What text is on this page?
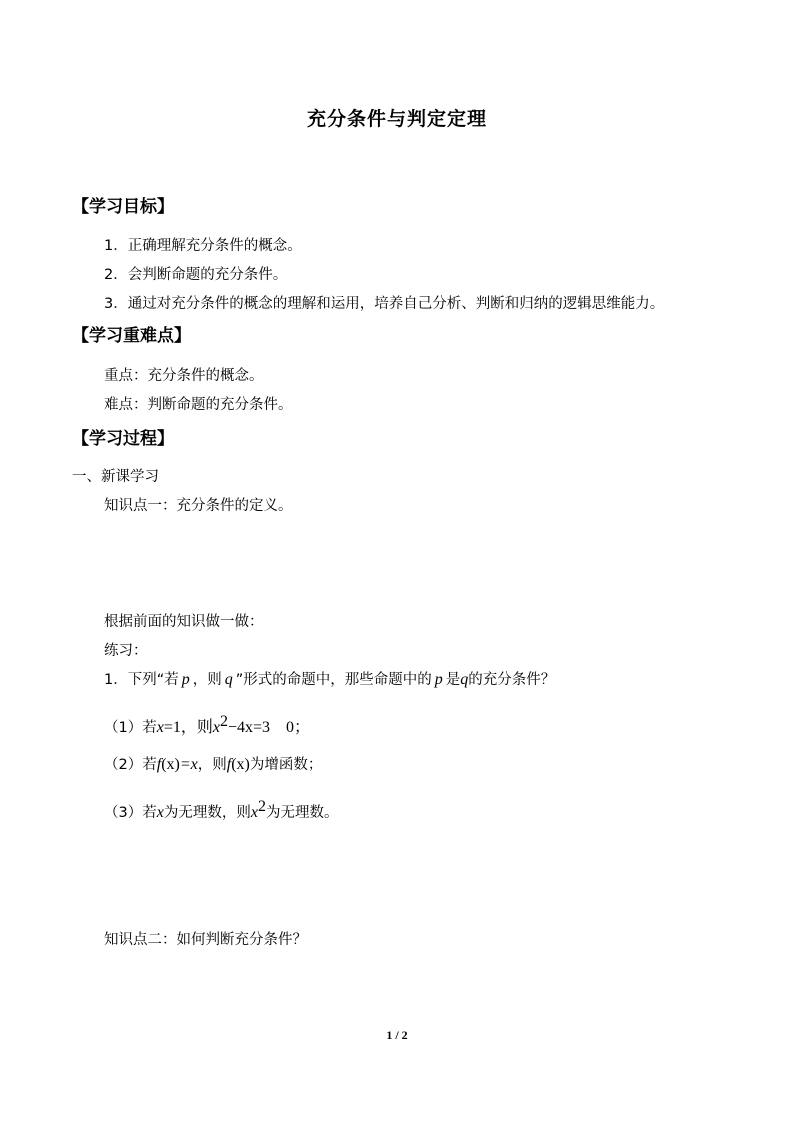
充分条件与判定定理
【学习目标】
1．正确理解充分条件的概念。
2．会判断命题的充分条件。
3．通过对充分条件的概念的理解和运用，培养自己分析、判断和归纳的逻辑思维能力。
【学习重难点】
重点：充分条件的概念。
难点：判断命题的充分条件。
【学习过程】
一、新课学习
知识点一：充分条件的定义。
根据前面的知识做一做：
练习：
1．下列“若 p ，则 q ”形式的命题中，那些命题中的 p 是q的充分条件？
（1）若x=1，则$x^2-4x=3$　0；
（2）若f(x)=x，则f(x)为增函数；
（3）若x为无理数，则$x^2$为无理数。
知识点二：如何判断充分条件？
1 / 2
